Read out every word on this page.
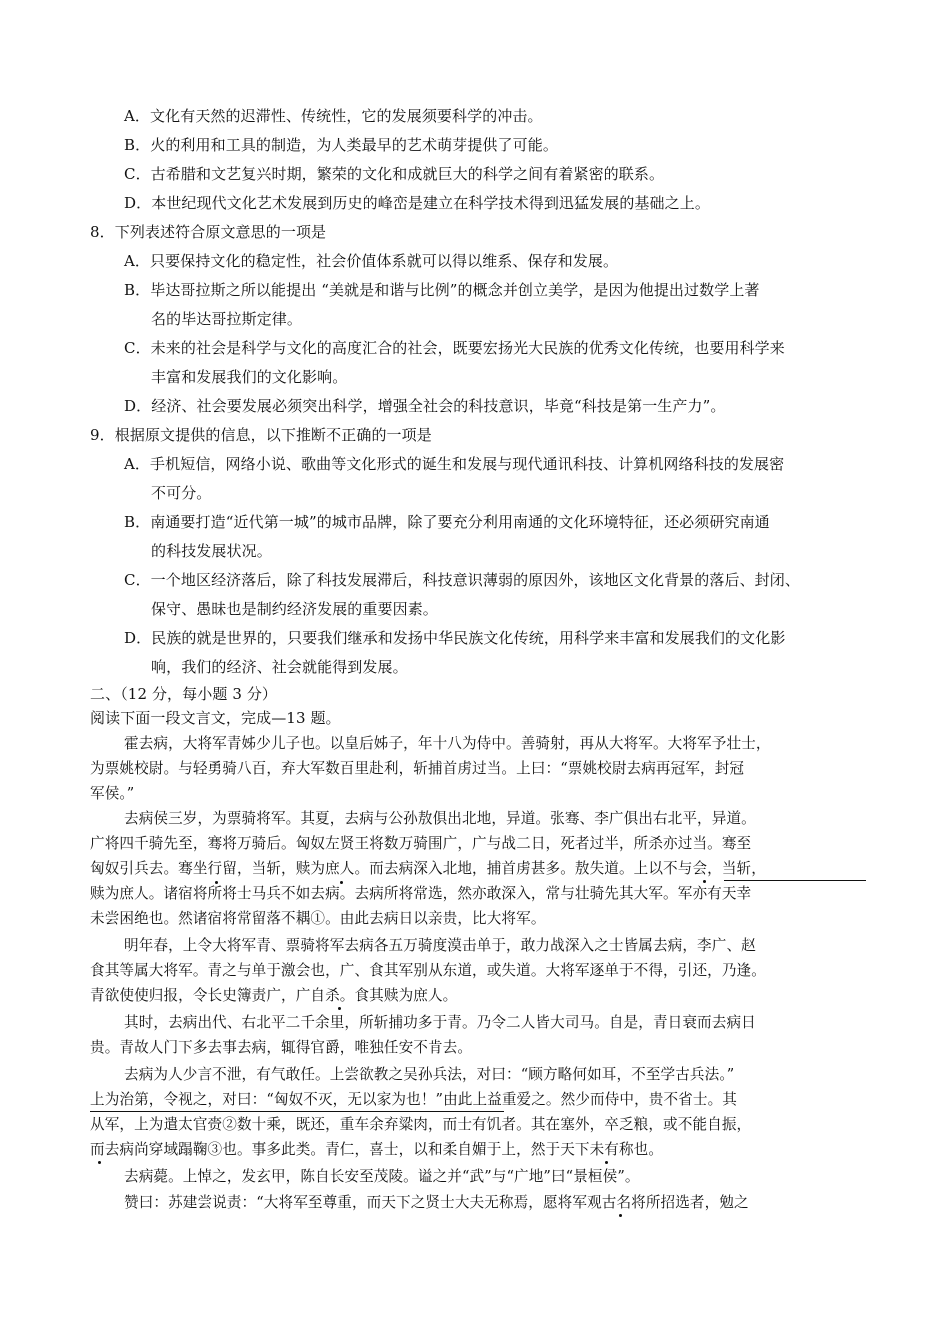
A．文化有天然的迟滞性、传统性，它的发展须要科学的冲击。
B．火的利用和工具的制造，为人类最早的艺术萌芽提供了可能。
C．古希腊和文艺复兴时期，繁荣的文化和成就巨大的科学之间有着紧密的联系。
D．本世纪现代文化艺术发展到历史的峰峦是建立在科学技术得到迅猛发展的基础之上。
8．下列表述符合原文意思的一项是
A．只要保持文化的稳定性，社会价值体系就可以得以维系、保存和发展。
B．毕达哥拉斯之所以能提出 “美就是和谐与比例”的概念并创立美学，是因为他提出过数学上著
名的毕达哥拉斯定律。
C．未来的社会是科学与文化的高度汇合的社会，既要宏扬光大民族的优秀文化传统，也要用科学来
丰富和发展我们的文化影响。
D．经济、社会要发展必须突出科学，增强全社会的科技意识，毕竟“科技是第一生产力”。
9．根据原文提供的信息，以下推断不正确的一项是
A．手机短信，网络小说、歌曲等文化形式的诞生和发展与现代通讯科技、计算机网络科技的发展密
不可分。
B．南通要打造“近代第一城”的城市品牌，除了要充分利用南通的文化环境特征，还必须研究南通
的科技发展状况。
C．一个地区经济落后，除了科技发展滞后，科技意识薄弱的原因外，该地区文化背景的落后、封闭、
保守、愚昧也是制约经济发展的重要因素。
D．民族的就是世界的，只要我们继承和发扬中华民族文化传统，用科学来丰富和发展我们的文化影
响，我们的经济、社会就能得到发展。
二、（12 分，每小题 3 分）
阅读下面一段文言文，完成—13 题。
霍去病，大将军青姊少儿子也。以皇后姊子，年十八为侍中。善骑射，再从大将军。大将军予壮士，
为票姚校尉。与轻勇骑八百，弃大军数百里赴利，斩捕首虏过当。上曰：“票姚校尉去病再冠军，封冠
军侯。”
去病侯三岁，为票骑将军。其夏，去病与公孙敖俱出北地，异道。张骞、李广俱出右北平，异道。
广将四千骑先至，骞将万骑后。匈奴左贤王将数万骑围广，广与战二日，死者过半，所杀亦过当。骞至
匈奴引兵去。骞坐行留，当斩，赎为庶人。而去病深入北地，捕首虏甚多。敖失道。上以不与会，当斩，
赎为庶人。诸宿将所将士马兵不如去病。去病所将常选，然亦敢深入，常与壮骑先其大军。军亦有天幸
未尝困绝也。然诸宿将常留落不耦①。由此去病日以亲贵，比大将军。
明年春，上令大将军青、票骑将军去病各五万骑度漠击单于，敢力战深入之士皆属去病，李广、赵
食其等属大将军。青之与单于激会也，广、食其军别从东道，或失道。大将军逐单于不得，引还，乃逢。
青欲使使归报，令长史簿责广，广自杀。食其赎为庶人。
其时，去病出代、右北平二千余里，所斩捕功多于青。乃令二人皆大司马。自是，青日衰而去病日
贵。青故人门下多去事去病，辄得官爵，唯独任安不肯去。
去病为人少言不泄，有气敢任。上尝欲教之吴孙兵法，对曰：“顾方略何如耳，不至学古兵法。”
上为治第，令视之，对曰：“匈奴不灭，无以家为也！”由此上益重爱之。然少而侍中，贵不省士。其
从军，上为遣太官赍②数十乘，既还，重车余弃粱肉，而士有饥者。其在塞外，卒乏粮，或不能自振，
而去病尚穿域蹋鞠③也。事多此类。青仁，喜士，以和柔自媚于上，然于天下未有称也。
去病薨。上悼之，发玄甲，陈自长安至茂陵。谥之并“武”与“广地”曰“景桓侯”。
赞曰：苏建尝说责：“大将军至尊重，而天下之贤士大夫无称焉，愿将军观古名将所招选者，勉之
